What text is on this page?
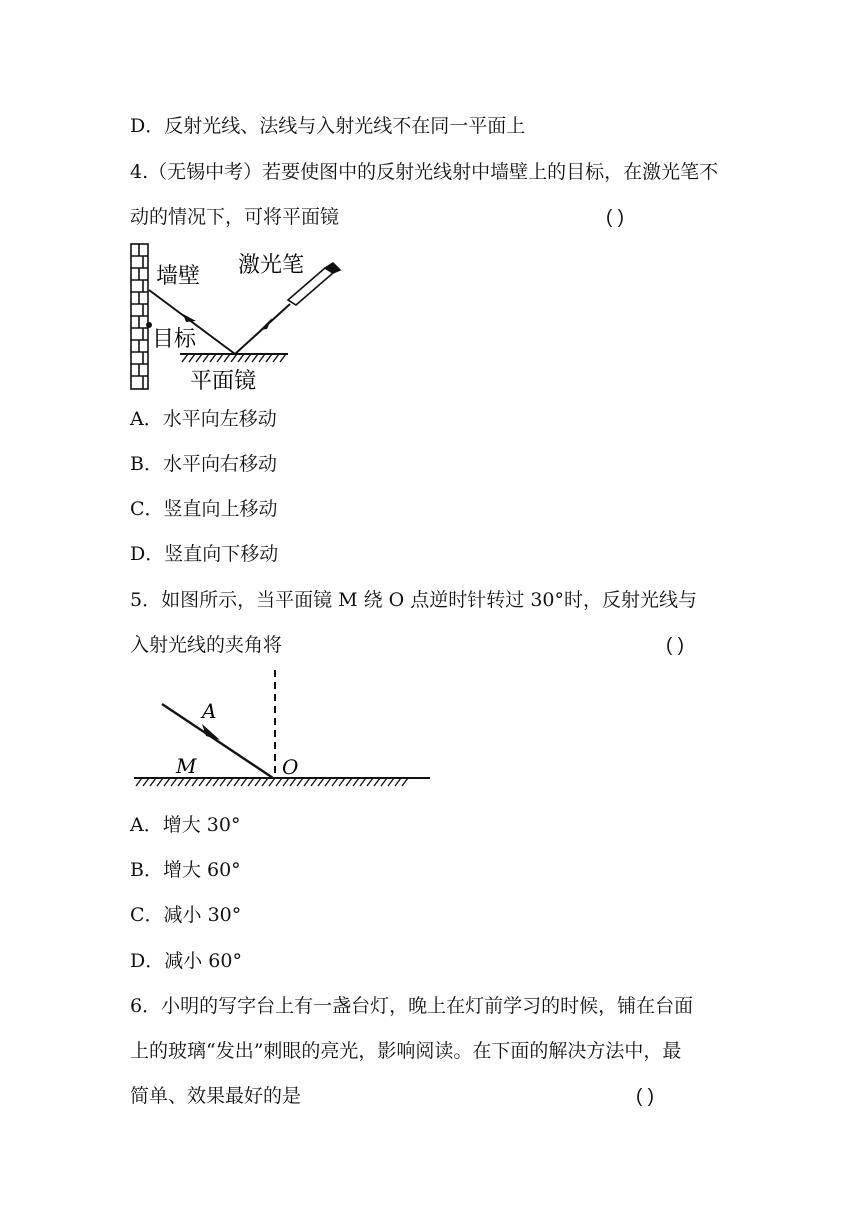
D．反射光线、法线与入射光线不在同一平面上
4.（无锡中考）若要使图中的反射光线射中墙壁上的目标，在激光笔不
动的情况下，可将平面镜	( )
墙壁 激光笔
目标
平面镜
A．水平向左移动
B．水平向右移动
C．竖直向上移动
D．竖直向下移动
5．如图所示，当平面镜 M 绕 O 点逆时针转过 30°时，反射光线与
入射光线的夹角将	( )
A
M	O
A．增大 30°
B．增大 60°
C．减小 30°
D．减小 60°
6．小明的写字台上有一盏台灯，晚上在灯前学习的时候，铺在台面
上的玻璃“发出”刺眼的亮光，影响阅读。在下面的解决方法中，最
简单、效果最好的是	( )
